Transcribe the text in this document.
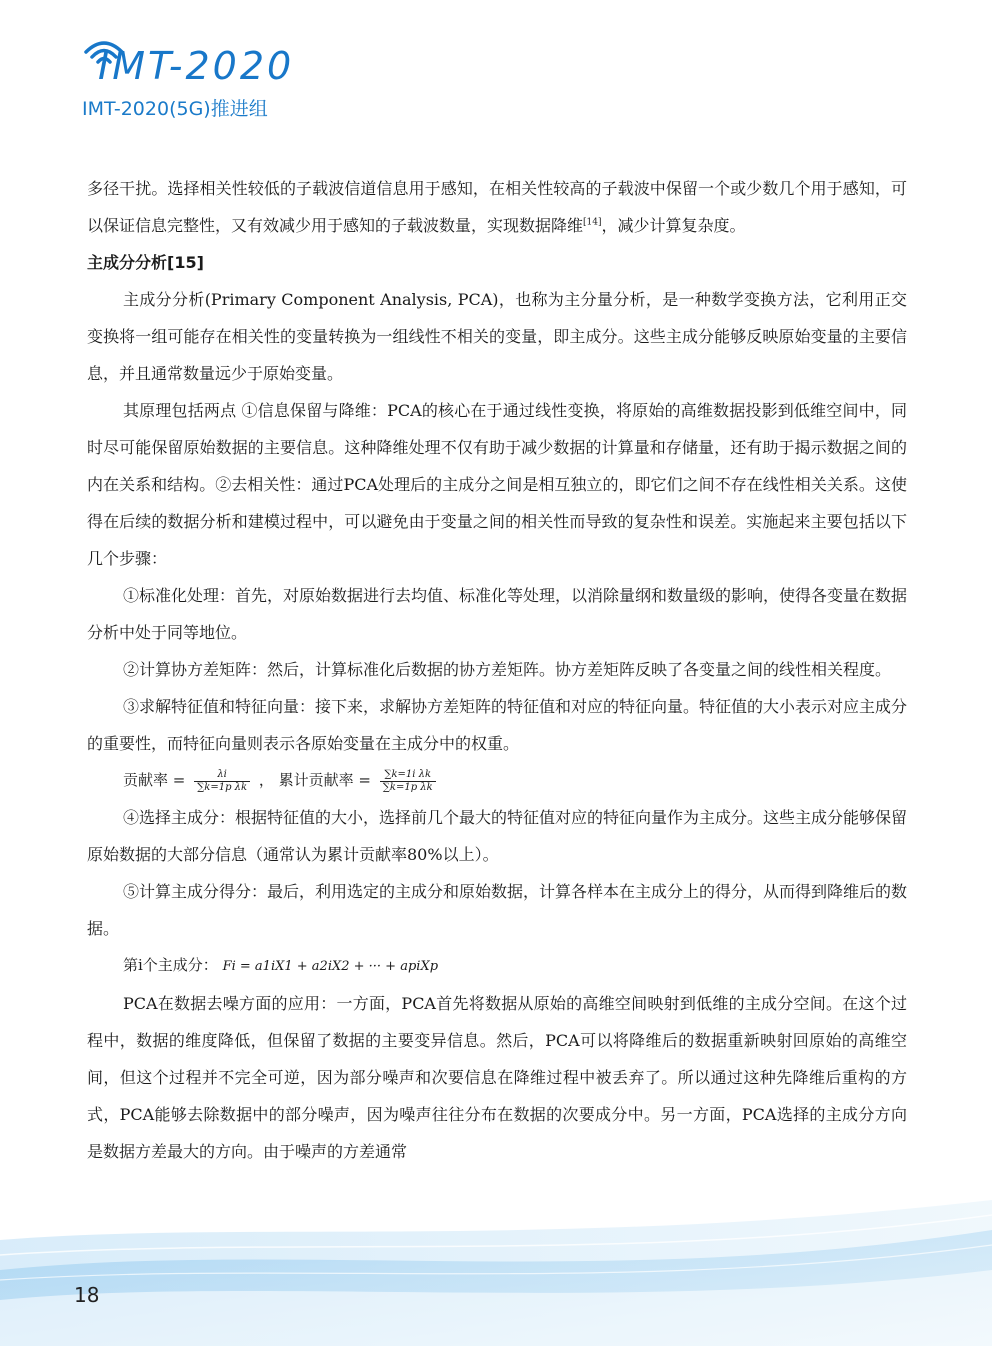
IMT-2020
IMT-2020(5G)推进组

多径干扰。选择相关性较低的子载波信道信息用于感知，在相关性较高的子载波中保留一个或少数几个用于感知，可以保证信息完整性，又有效减少用于感知的子载波数量，实现数据降维[14]，减少计算复杂度。

主成分分析[15]

主成分分析(Primary Component Analysis, PCA)，也称为主分量分析，是一种数学变换方法，它利用正交变换将一组可能存在相关性的变量转换为一组线性不相关的变量，即主成分。这些主成分能够反映原始变量的主要信息，并且通常数量远少于原始变量。

其原理包括两点 ①信息保留与降维：PCA的核心在于通过线性变换，将原始的高维数据投影到低维空间中，同时尽可能保留原始数据的主要信息。这种降维处理不仅有助于减少数据的计算量和存储量，还有助于揭示数据之间的内在关系和结构。②去相关性：通过PCA处理后的主成分之间是相互独立的，即它们之间不存在线性相关关系。这使得在后续的数据分析和建模过程中，可以避免由于变量之间的相关性而导致的复杂性和误差。实施起来主要包括以下几个步骤：

①标准化处理：首先，对原始数据进行去均值、标准化等处理，以消除量纲和数量级的影响，使得各变量在数据分析中处于同等地位。

②计算协方差矩阵：然后，计算标准化后数据的协方差矩阵。协方差矩阵反映了各变量之间的线性相关程度。

③求解特征值和特征向量：接下来，求解协方差矩阵的特征值和对应的特征向量。特征值的大小表示对应主成分的重要性，而特征向量则表示各原始变量在主成分中的权重。

贡献率 = $\frac{\lambda i}{\text{∑k=1p λk}}$ ， 累计贡献率 = $\frac{\text{∑k=1i λk}}{\text{∑k=1p λk}}$

④选择主成分：根据特征值的大小，选择前几个最大的特征值对应的特征向量作为主成分。这些主成分能够保留原始数据的大部分信息（通常认为累计贡献率80%以上）。

⑤计算主成分得分：最后，利用选定的主成分和原始数据，计算各样本在主成分上的得分，从而得到降维后的数据。

第i个主成分： Fi = a1iX1 + a2iX2 + ··· + apiXp

PCA在数据去噪方面的应用：一方面，PCA首先将数据从原始的高维空间映射到低维的主成分空间。在这个过程中，数据的维度降低，但保留了数据的主要变异信息。然后，PCA可以将降维后的数据重新映射回原始的高维空间，但这个过程并不完全可逆，因为部分噪声和次要信息在降维过程中被丢弃了。所以通过这种先降维后重构的方式，PCA能够去除数据中的部分噪声，因为噪声往往分布在数据的次要成分中。另一方面，PCA选择的主成分方向是数据方差最大的方向。由于噪声的方差通常

18
